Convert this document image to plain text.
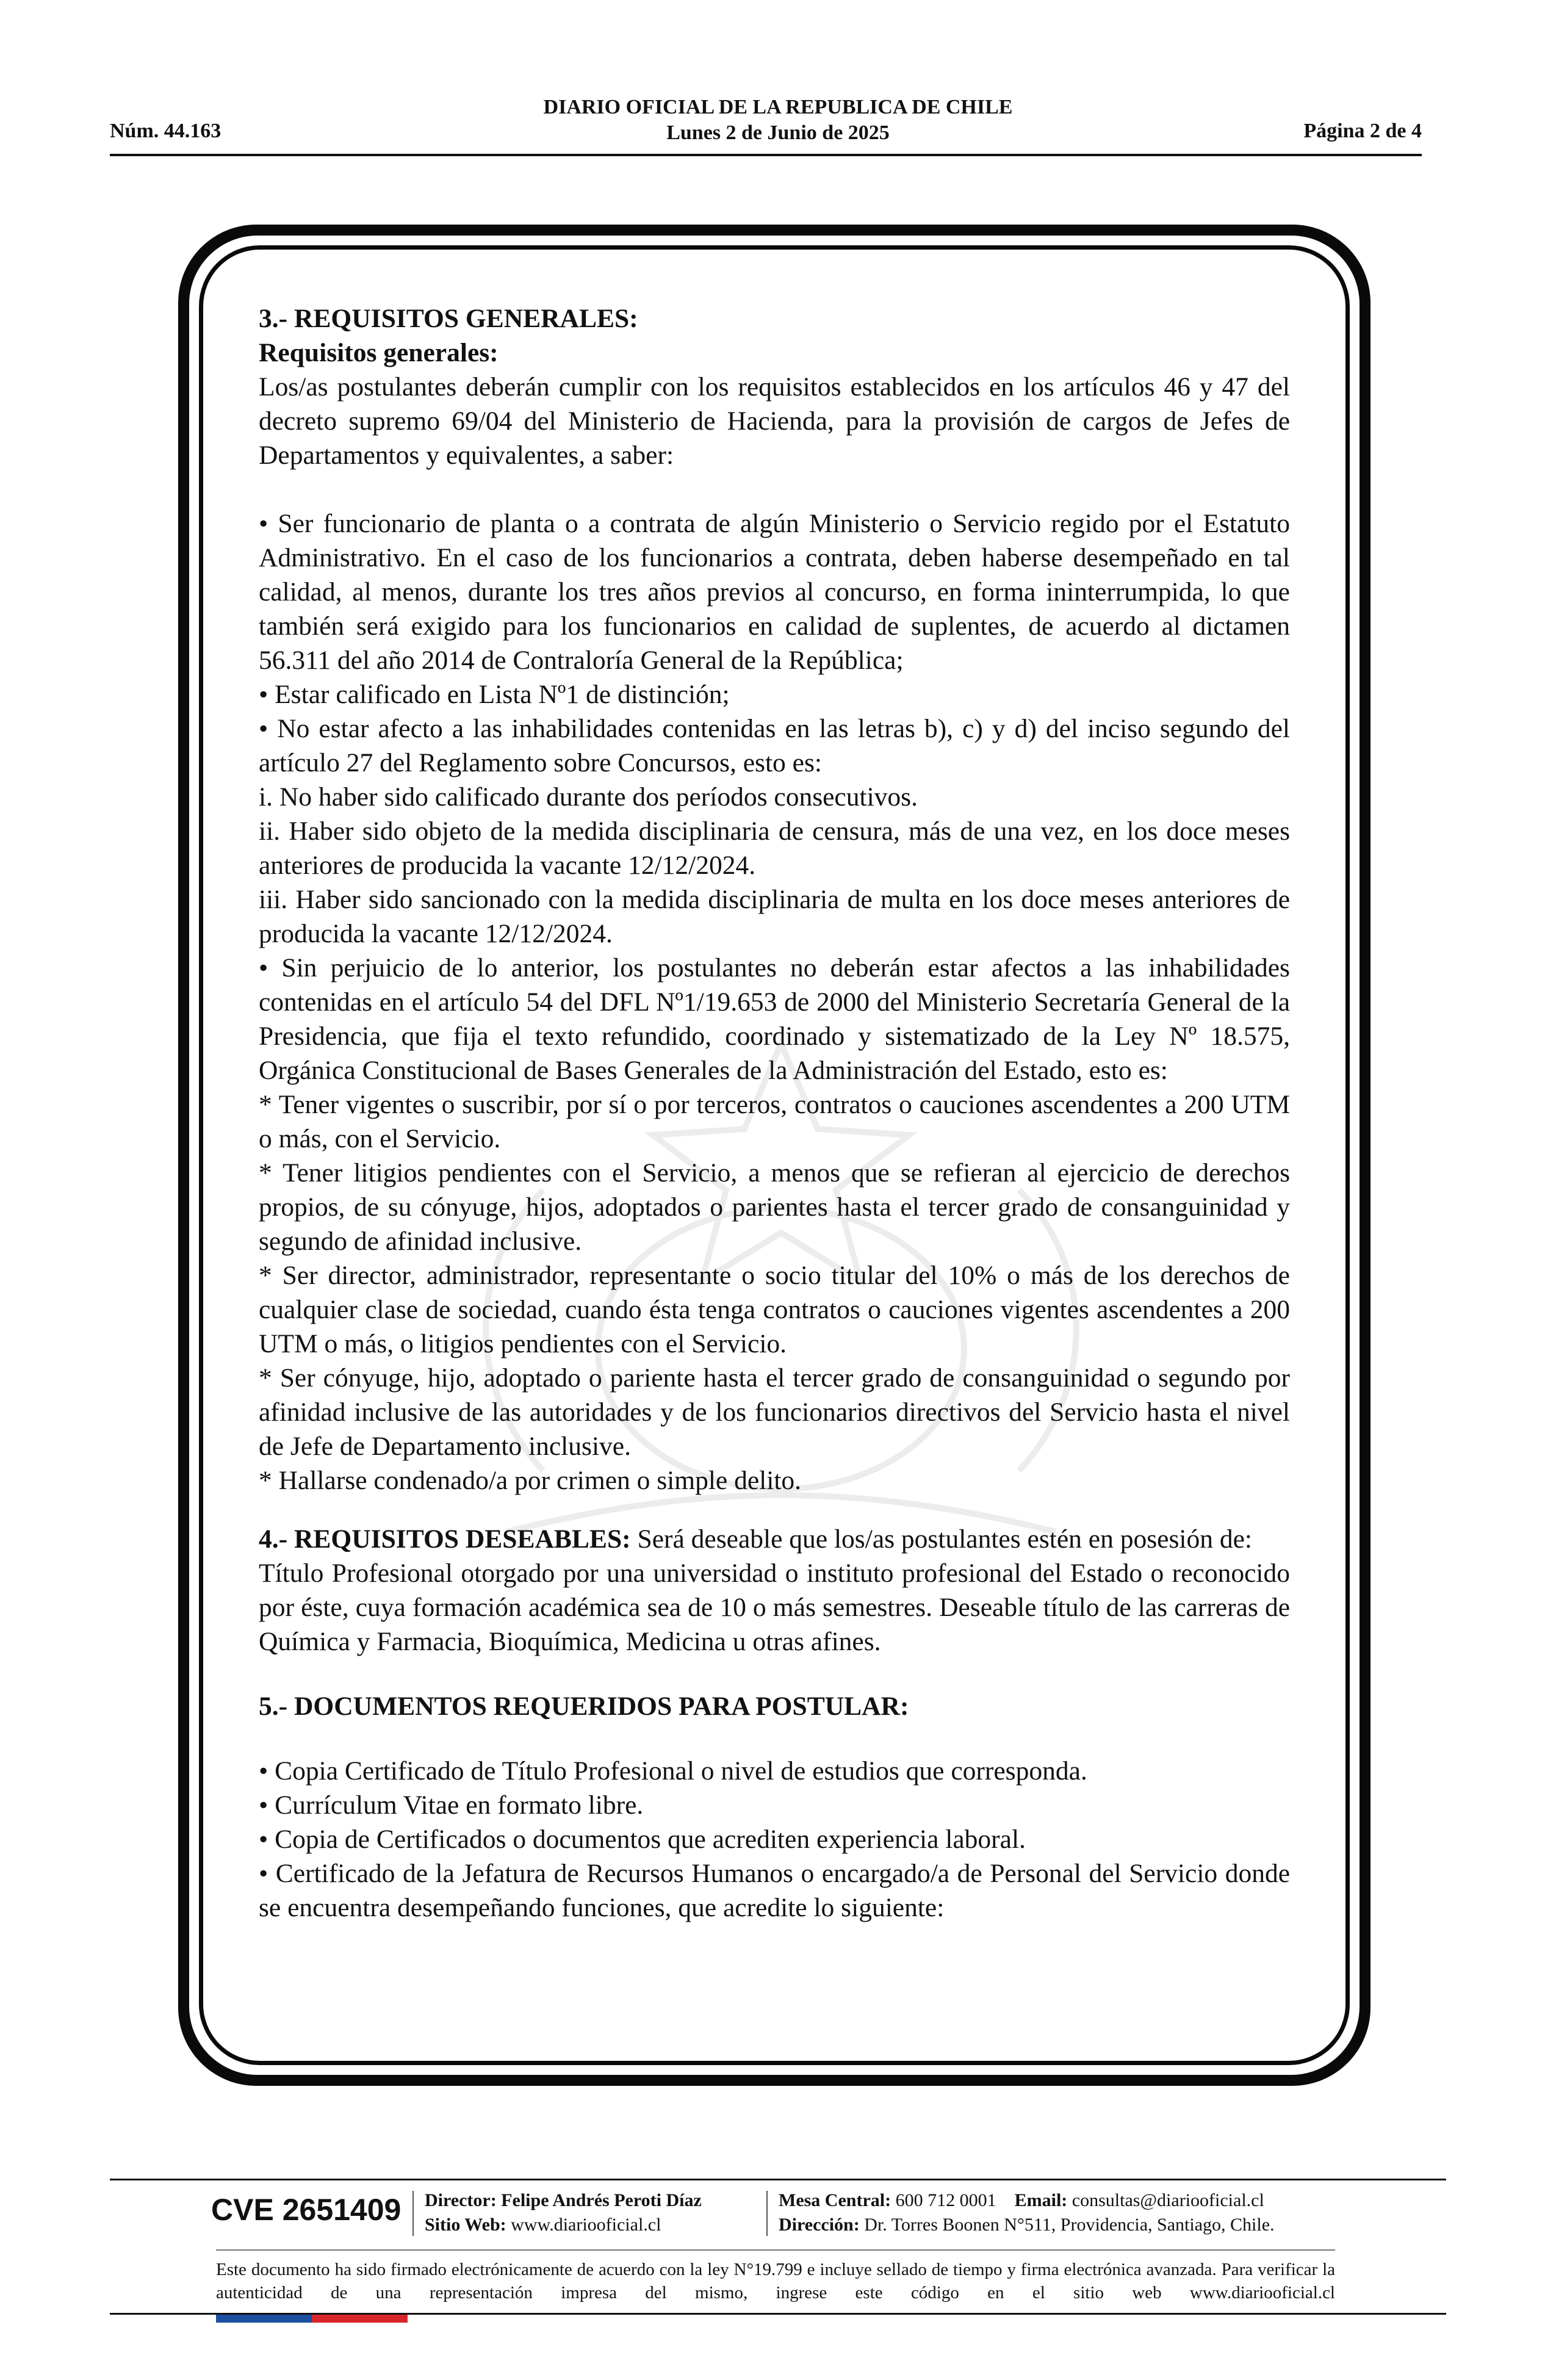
DIARIO OFICIAL DE LA REPUBLICA DE CHILE
Lunes 2 de Junio de 2025
Núm. 44.163	Página 2 de 4

3.- REQUISITOS GENERALES:

Requisitos generales:

Los/as postulantes deberán cumplir con los requisitos establecidos en los artículos 46 y 47 del decreto supremo 69/04 del Ministerio de Hacienda, para la provisión de cargos de Jefes de Departamentos y equivalentes, a saber:

• Ser funcionario de planta o a contrata de algún Ministerio o Servicio regido por el Estatuto Administrativo. En el caso de los funcionarios a contrata, deben haberse desempeñado en tal calidad, al menos, durante los tres años previos al concurso, en forma ininterrumpida, lo que también será exigido para los funcionarios en calidad de suplentes, de acuerdo al dictamen 56.311 del año 2014 de Contraloría General de la República;

• Estar calificado en Lista Nº1 de distinción;

• No estar afecto a las inhabilidades contenidas en las letras b), c) y d) del inciso segundo del artículo 27 del Reglamento sobre Concursos, esto es:

i. No haber sido calificado durante dos períodos consecutivos.

ii. Haber sido objeto de la medida disciplinaria de censura, más de una vez, en los doce meses anteriores de producida la vacante 12/12/2024.

iii. Haber sido sancionado con la medida disciplinaria de multa en los doce meses anteriores de producida la vacante 12/12/2024.

• Sin perjuicio de lo anterior, los postulantes no deberán estar afectos a las inhabilidades contenidas en el artículo 54 del DFL Nº1/19.653 de 2000 del Ministerio Secretaría General de la Presidencia, que fija el texto refundido, coordinado y sistematizado de la Ley Nº 18.575, Orgánica Constitucional de Bases Generales de la Administración del Estado, esto es:

* Tener vigentes o suscribir, por sí o por terceros, contratos o cauciones ascendentes a 200 UTM o más, con el Servicio.

* Tener litigios pendientes con el Servicio, a menos que se refieran al ejercicio de derechos propios, de su cónyuge, hijos, adoptados o parientes hasta el tercer grado de consanguinidad y segundo de afinidad inclusive.

* Ser director, administrador, representante o socio titular del 10% o más de los derechos de cualquier clase de sociedad, cuando ésta tenga contratos o cauciones vigentes ascendentes a 200 UTM o más, o litigios pendientes con el Servicio.

* Ser cónyuge, hijo, adoptado o pariente hasta el tercer grado de consanguinidad o segundo por afinidad inclusive de las autoridades y de los funcionarios directivos del Servicio hasta el nivel de Jefe de Departamento inclusive.

* Hallarse condenado/a por crimen o simple delito.

4.- REQUISITOS DESEABLES: Será deseable que los/as postulantes estén en posesión de:

Título Profesional otorgado por una universidad o instituto profesional del Estado o reconocido por éste, cuya formación académica sea de 10 o más semestres. Deseable título de las carreras de Química y Farmacia, Bioquímica, Medicina u otras afines.

5.- DOCUMENTOS REQUERIDOS PARA POSTULAR:

• Copia Certificado de Título Profesional o nivel de estudios que corresponda.

• Currículum Vitae en formato libre.

• Copia de Certificados o documentos que acrediten experiencia laboral.

• Certificado de la Jefatura de Recursos Humanos o encargado/a de Personal del Servicio donde se encuentra desempeñando funciones, que acredite lo siguiente:

CVE 2651409 Director: Felipe Andrés Peroti Díaz
Sitio Web: www.diariooficial.cl
Mesa Central: 600 712 0001 Email: consultas@diariooficial.cl
Dirección: Dr. Torres Boonen N°511, Providencia, Santiago, Chile.
Este documento ha sido firmado electrónicamente de acuerdo con la ley N°19.799 e incluye sellado de tiempo y firma electrónica avanzada. Para verificar la autenticidad de una representación impresa del mismo, ingrese este código en el sitio web www.diariooficial.cl
